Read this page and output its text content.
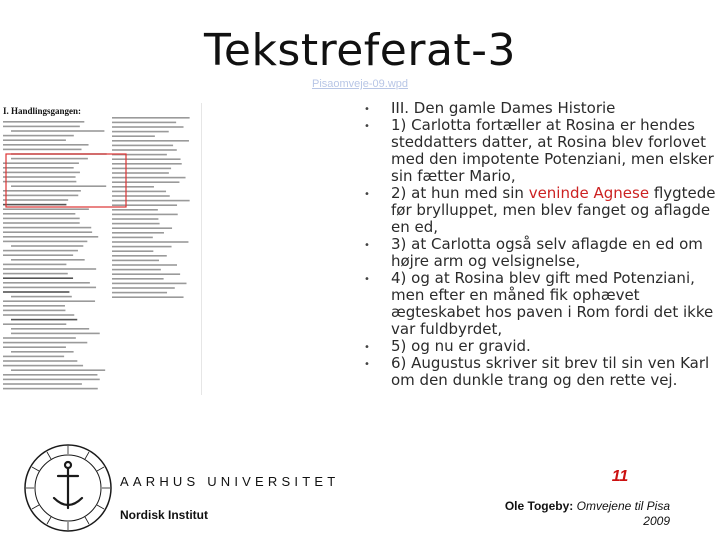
Tekstreferat-3
Pisaomveje-09.wpd
I. Handlingsgangen:	• III. Den gamle Dames Historie
• 1) Carlotta fortæller at Rosina er hendes steddatters datter, at Rosina blev forlovet med den impotente Potenziani, men elsker sin fætter Mario,
• 2) at hun med sin veninde Agnese flygtede før brylluppet, men blev fanget og aflagde en ed,
• 3) at Carlotta også selv aflagde en ed om højre arm og velsignelse,
• 4) og at Rosina blev gift med Potenziani, men efter en måned fik ophævet ægteskabet hos paven i Rom fordi det ikke var fuldbyrdet,
• 5) og nu er gravid.
• 6) Augustus skriver sit brev til sin ven Karl om den dunkle trang og den rette vej.
11
AARHUS UNIVERSITET
Nordisk Institut
Ole Togeby: Omvejene til Pisa
2009
